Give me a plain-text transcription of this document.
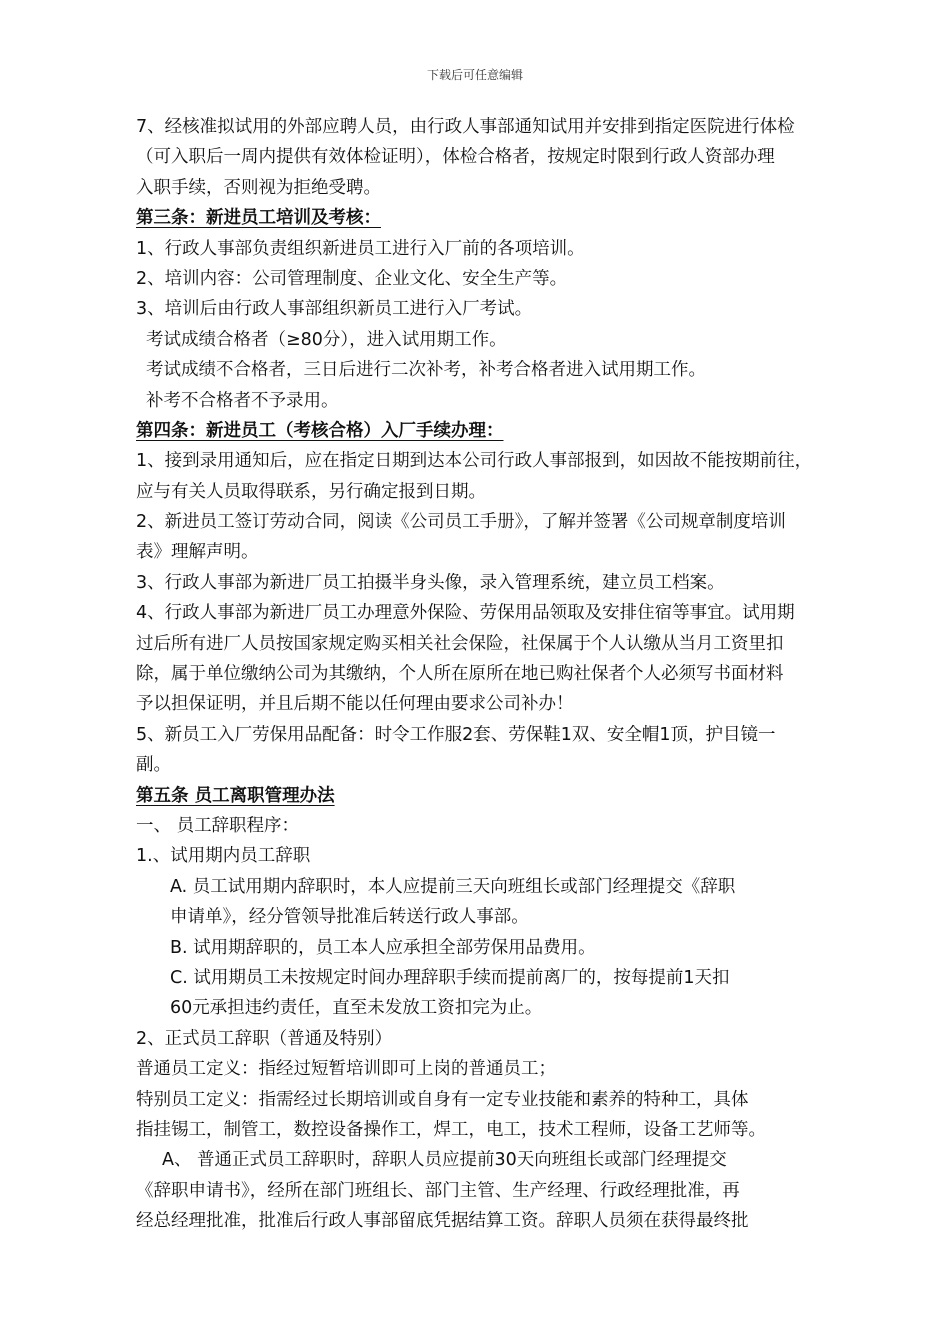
下载后可任意编辑
7、经核准拟试用的外部应聘人员，由行政人事部通知试用并安排到指定医院进行体检
（可入职后一周内提供有效体检证明），体检合格者，按规定时限到行政人资部办理
入职手续，否则视为拒绝受聘。
第三条：新进员工培训及考核：
1、行政人事部负责组织新进员工进行入厂前的各项培训。
2、培训内容：公司管理制度、企业文化、安全生产等。
3、培训后由行政人事部组织新员工进行入厂考试。
考试成绩合格者（≥80分），进入试用期工作。
考试成绩不合格者，三日后进行二次补考，补考合格者进入试用期工作。
补考不合格者不予录用。
第四条：新进员工（考核合格）入厂手续办理：
1、接到录用通知后，应在指定日期到达本公司行政人事部报到，如因故不能按期前往，
应与有关人员取得联系，另行确定报到日期。
2、新进员工签订劳动合同，阅读《公司员工手册》，了解并签署《公司规章制度培训
表》理解声明。
3、行政人事部为新进厂员工拍摄半身头像，录入管理系统，建立员工档案。
4、行政人事部为新进厂员工办理意外保险、劳保用品领取及安排住宿等事宜。试用期
过后所有进厂人员按国家规定购买相关社会保险，社保属于个人认缴从当月工资里扣
除，属于单位缴纳公司为其缴纳，个人所在原所在地已购社保者个人必须写书面材料
予以担保证明，并且后期不能以任何理由要求公司补办！
5、新员工入厂劳保用品配备：时令工作服2套、劳保鞋1双、安全帽1顶，护目镜一
副。
第五条 员工离职管理办法
一、 员工辞职程序：
1.、试用期内员工辞职
A. 员工试用期内辞职时，本人应提前三天向班组长或部门经理提交《辞职
申请单》，经分管领导批准后转送行政人事部。
B. 试用期辞职的，员工本人应承担全部劳保用品费用。
C. 试用期员工未按规定时间办理辞职手续而提前离厂的，按每提前1天扣
60元承担违约责任，直至未发放工资扣完为止。
2、正式员工辞职（普通及特别）
普通员工定义：指经过短暂培训即可上岗的普通员工；
特别员工定义：指需经过长期培训或自身有一定专业技能和素养的特种工，具体
指挂锡工，制管工，数控设备操作工，焊工，电工，技术工程师，设备工艺师等。
A、 普通正式员工辞职时，辞职人员应提前30天向班组长或部门经理提交
《辞职申请书》，经所在部门班组长、部门主管、生产经理、行政经理批准，再
经总经理批准，批准后行政人事部留底凭据结算工资。辞职人员须在获得最终批
